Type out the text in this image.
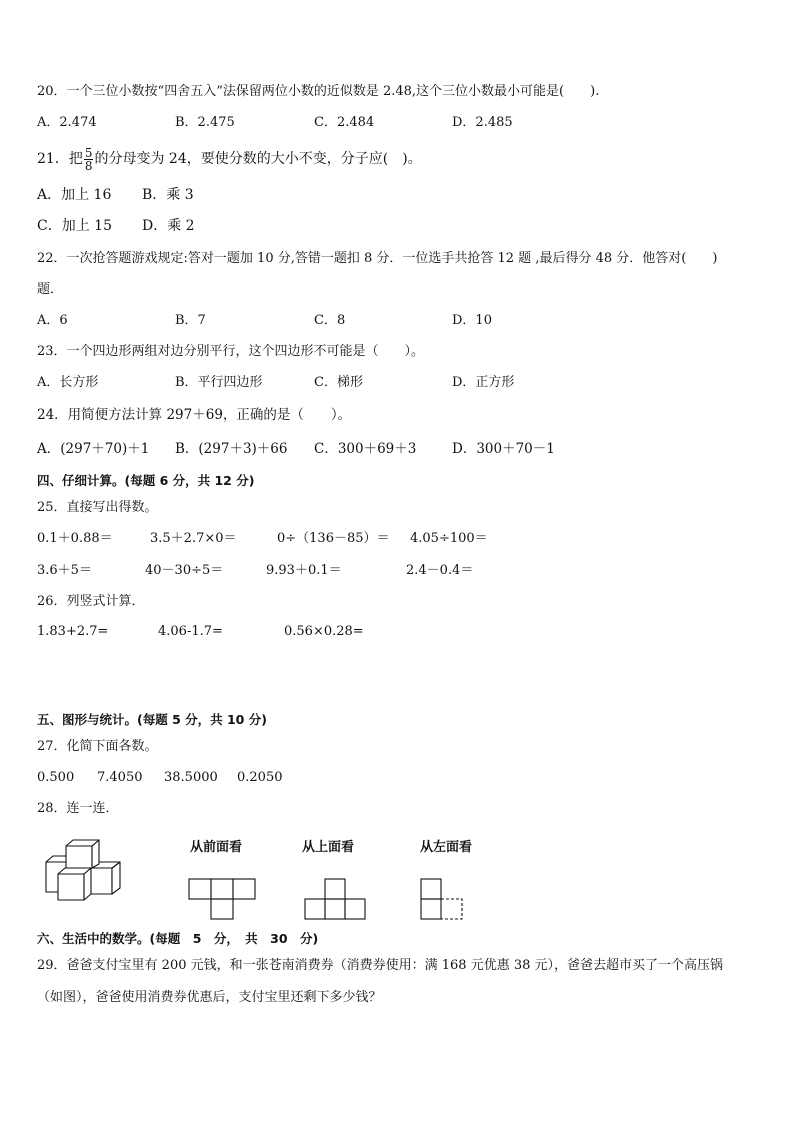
20．一个三位小数按“四舍五入”法保留两位小数的近似数是 2.48,这个三位小数最小可能是(　　).
A．2.474	B．2.475	C．2.484	D．2.485
21．把 $\frac{5}{8}$ 的分母变为 24，要使分数的大小不变，分子应(　)。
A．加上 16 B．乘 3
C．加上 15 D．乘 2
22．一次抢答题游戏规定:答对一题加 10 分,答错一题扣 8 分．一位选手共抢答 12 题 ,最后得分 48 分．他答对(　　)
题．
A．6	B．7	C．8	D．10
23．一个四边形两组对边分别平行，这个四边形不可能是（　　）。
A．长方形	B．平行四边形	C．梯形	D．正方形
24．用简便方法计算 297＋69，正确的是（　　）。
A．(297＋70)＋1 B．(297＋3)＋66 C．300＋69＋3	D．300＋70－1
四、仔细计算。(每题 6 分，共 12 分)
25．直接写出得数。
0.1＋0.88＝	3.5＋2.7×0＝	0÷（136－85）＝ 4.05÷100＝
3.6＋5＝	40－30÷5＝	9.93＋0.1＝	2.4－0.4＝
26．列竖式计算．
1.83+2.7=	4.06-1.7=	0.56×0.28=
五、图形与统计。(每题 5 分，共 10 分)
27．化简下面各数。
0.500 7.4050 38.5000 0.2050
28．连一连．
从前面看	从上面看	从左面看
六、生活中的数学。(每题　5　分，　共　30　分)
29．爸爸支付宝里有 200 元钱，和一张苍南消费券（消费券使用：满 168 元优惠 38 元），爸爸去超市买了一个高压锅
（如图），爸爸使用消费券优惠后，支付宝里还剩下多少钱？
